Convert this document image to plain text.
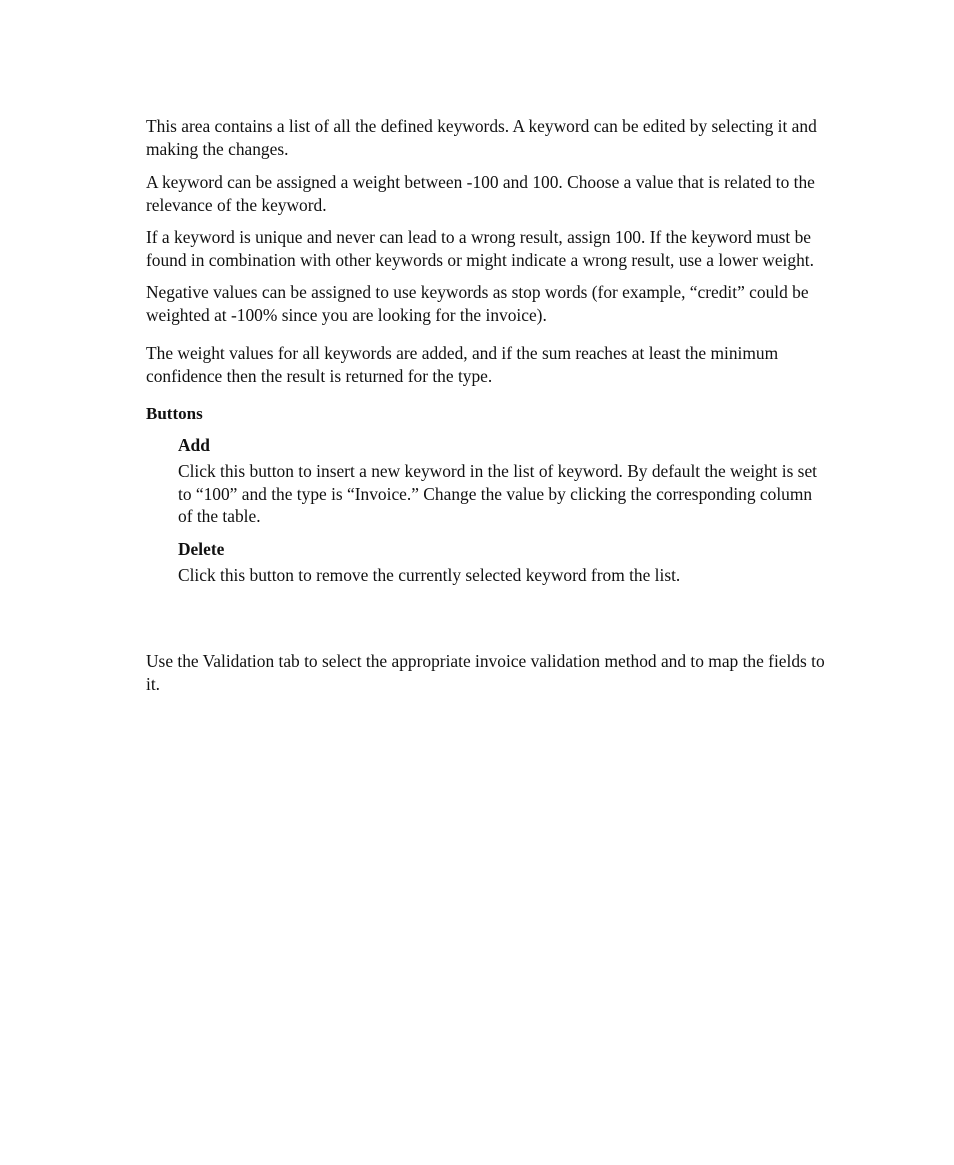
This area contains a list of all the defined keywords. A keyword can be edited by selecting it and making the changes.

A keyword can be assigned a weight between -100 and 100. Choose a value that is related to the relevance of the keyword.

If a keyword is unique and never can lead to a wrong result, assign 100. If the keyword must be found in combination with other keywords or might indicate a wrong result, use a lower weight.

Negative values can be assigned to use keywords as stop words (for example, “credit” could be weighted at -100% since you are looking for the invoice).

The weight values for all keywords are added, and if the sum reaches at least the minimum confidence then the result is returned for the type.

Buttons
Add

Click this button to insert a new keyword in the list of keyword. By default the weight is set to “100” and the type is “Invoice.” Change the value by clicking the corresponding column of the table.

Delete

Click this button to remove the currently selected keyword from the list.

Use the Validation tab to select the appropriate invoice validation method and to map the fields to it.
